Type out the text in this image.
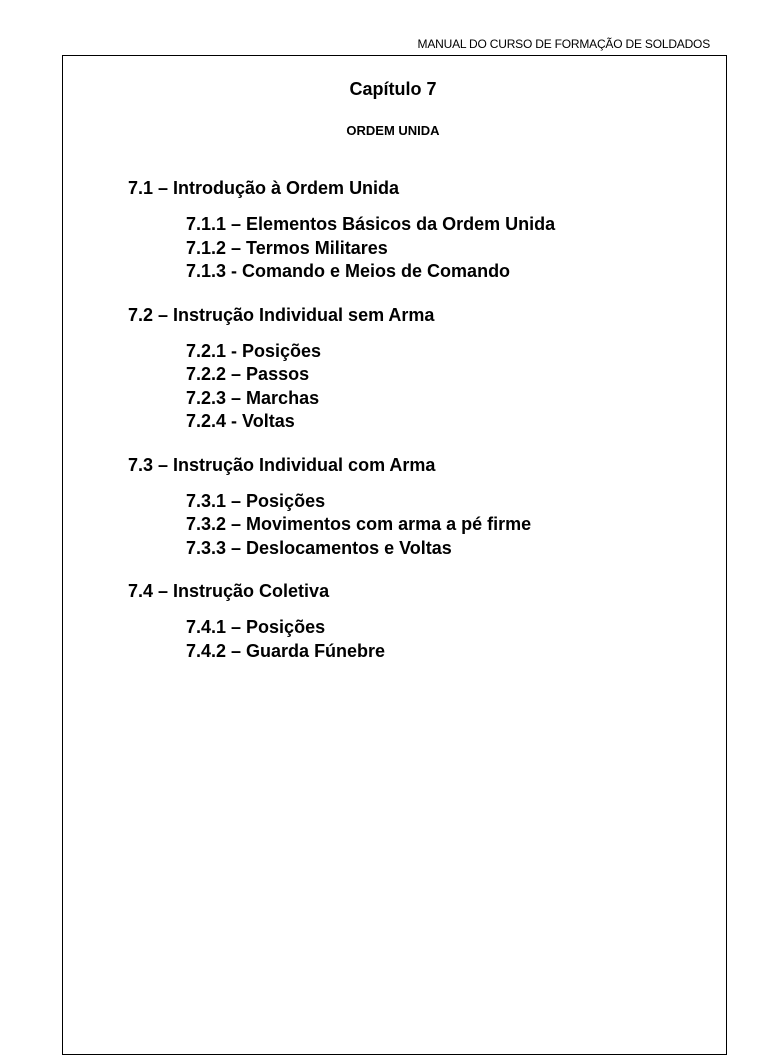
MANUAL DO CURSO DE FORMAÇÃO DE SOLDADOS
Capítulo 7
ORDEM UNIDA
7.1 – Introdução à Ordem Unida
7.1.1 – Elementos Básicos da Ordem Unida
7.1.2 – Termos Militares
7.1.3 - Comando e Meios de Comando
7.2 – Instrução Individual sem Arma
7.2.1 - Posições
7.2.2 – Passos
7.2.3 – Marchas
7.2.4 - Voltas
7.3 – Instrução Individual com Arma
7.3.1 – Posições
7.3.2 – Movimentos com arma a pé firme
7.3.3 – Deslocamentos e Voltas
7.4 – Instrução Coletiva
7.4.1 – Posições
7.4.2 – Guarda Fúnebre
